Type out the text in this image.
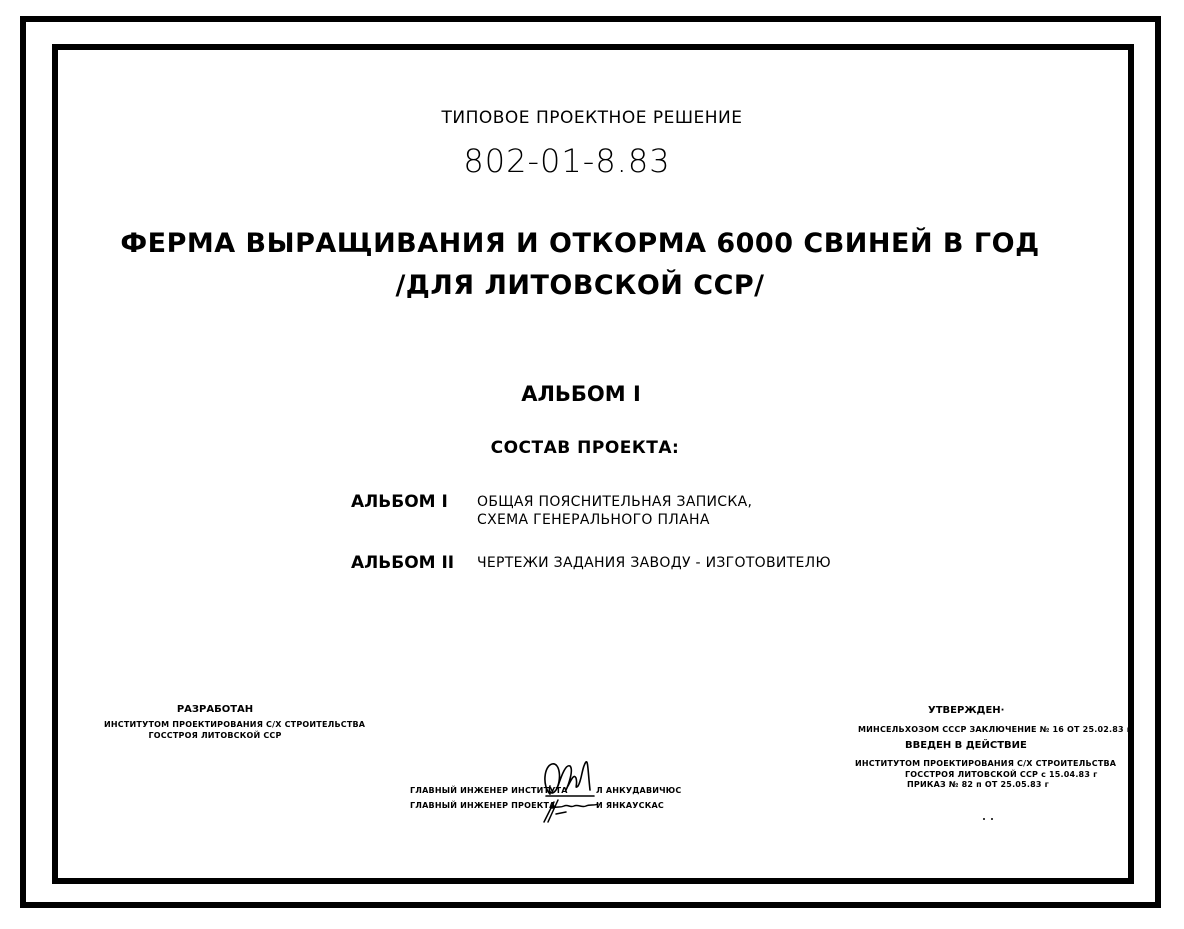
ТИПОВОЕ ПРОЕКТНОЕ РЕШЕНИЕ
802-01-8.83
ФЕРМА ВЫРАЩИВАНИЯ И ОТКОРМА 6000 СВИНЕЙ В ГОД
/ДЛЯ ЛИТОВСКОЙ ССР/
АЛЬБОМ I
СОСТАВ ПРОЕКТА:
АЛЬБОМ I ОБЩАЯ ПОЯСНИТЕЛЬНАЯ ЗАПИСКА,
СХЕМА ГЕНЕРАЛЬНОГО ПЛАНА
АЛЬБОМ II ЧЕРТЕЖИ ЗАДАНИЯ ЗАВОДУ - ИЗГОТОВИТЕЛЮ
РАЗРАБОТАН
ИНСТИТУТОМ ПРОЕКТИРОВАНИЯ С/Х СТРОИТЕЛЬСТВА
ГОССТРОЯ ЛИТОВСКОЙ ССР
ГЛАВНЫЙ ИНЖЕНЕР ИНСТИТУТА	Л АНКУДАВИЧЮС
ГЛАВНЫЙ ИНЖЕНЕР ПРОЕКТА	И ЯНКАУСКАС
УТВЕРЖДЕН·
МИНСЕЛЬХОЗОМ СССР ЗАКЛЮЧЕНИЕ № 16 ОТ 25.02.83 г
ВВЕДЕН В ДЕЙСТВИЕ
ИНСТИТУТОМ ПРОЕКТИРОВАНИЯ С/Х СТРОИТЕЛЬСТВА
ГОССТРОЯ ЛИТОВСКОЙ ССР с 15.04.83 г
ПРИКАЗ № 82 п ОТ 25.05.83 г
